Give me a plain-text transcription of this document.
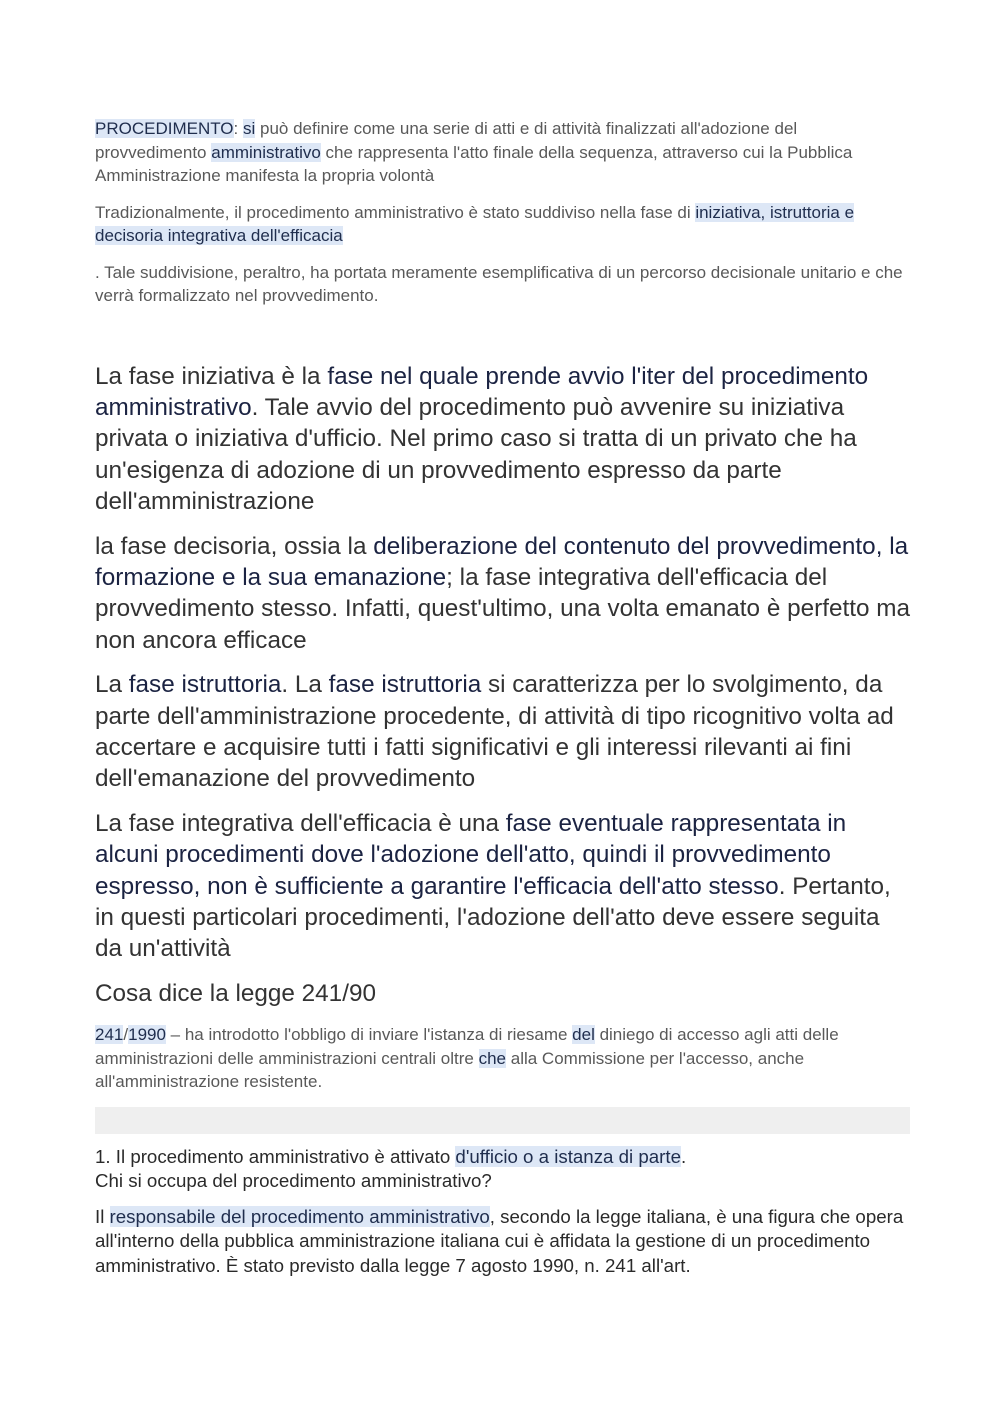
PROCEDIMENTO: si può definire come una serie di atti e di attività finalizzati all'adozione del provvedimento amministrativo che rappresenta l'atto finale della sequenza, attraverso cui la Pubblica Amministrazione manifesta la propria volontà

Tradizionalmente, il procedimento amministrativo è stato suddiviso nella fase di iniziativa, istruttoria e decisoria integrativa dell'efficacia

. Tale suddivisione, peraltro, ha portata meramente esemplificativa di un percorso decisionale unitario e che verrà formalizzato nel provvedimento.

La fase iniziativa è la fase nel quale prende avvio l'iter del procedimento amministrativo. Tale avvio del procedimento può avvenire su iniziativa privata o iniziativa d'ufficio. Nel primo caso si tratta di un privato che ha un'esigenza di adozione di un provvedimento espresso da parte dell'amministrazione

la fase decisoria, ossia la deliberazione del contenuto del provvedimento, la formazione e la sua emanazione; la fase integrativa dell'efficacia del provvedimento stesso. Infatti, quest'ultimo, una volta emanato è perfetto ma non ancora efficace

La fase istruttoria. La fase istruttoria si caratterizza per lo svolgimento, da parte dell'amministrazione procedente, di attività di tipo ricognitivo volta ad accertare e acquisire tutti i fatti significativi e gli interessi rilevanti ai fini dell'emanazione del provvedimento

La fase integrativa dell'efficacia è una fase eventuale rappresentata in alcuni procedimenti dove l'adozione dell'atto, quindi il provvedimento espresso, non è sufficiente a garantire l'efficacia dell'atto stesso. Pertanto, in questi particolari procedimenti, l'adozione dell'atto deve essere seguita da un'attività

Cosa dice la legge 241/90

241/1990 – ha introdotto l'obbligo di inviare l'istanza di riesame del diniego di accesso agli atti delle amministrazioni delle amministrazioni centrali oltre che alla Commissione per l'accesso, anche all'amministrazione resistente.

1. Il procedimento amministrativo è attivato d'ufficio o a istanza di parte.
Chi si occupa del procedimento amministrativo?

Il responsabile del procedimento amministrativo, secondo la legge italiana, è una figura che opera all'interno della pubblica amministrazione italiana cui è affidata la gestione di un procedimento amministrativo. È stato previsto dalla legge 7 agosto 1990, n. 241 all'art.
